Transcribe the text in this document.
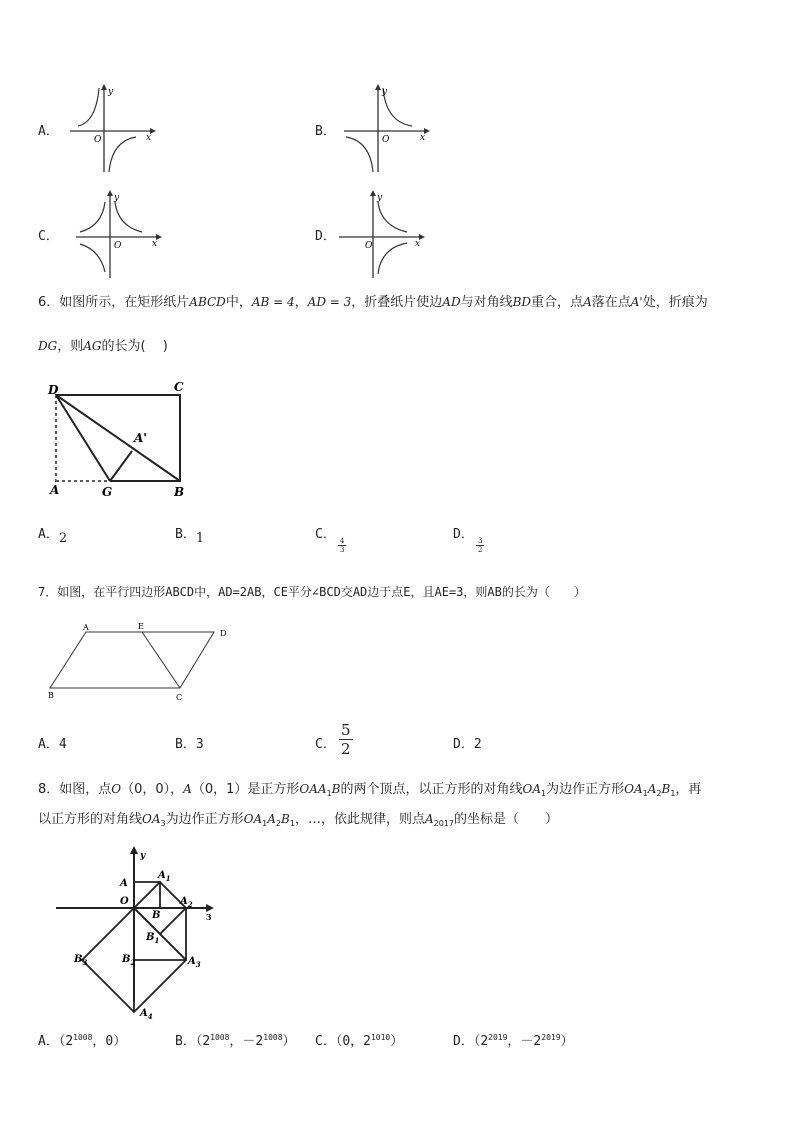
A．
y
x
O
B．
y
x
O
C．
y
x
O
D．
y
x
O
6．如图所示，在矩形纸片ABCD中，AB = 4，AD = 3，折叠纸片使边AD与对角线BD重合，点A落在点A'处，折痕为
DG，则AG的长为(　 )
D	C
A'
A	G	B
A．2	B．1	C．
$\frac{4}{3}$
D．
$\frac{3}{2}$
7．如图，在平行四边形ABCD中，AD=2AB，CE平分∠BCD交AD边于点E，且AE=3，则AB的长为（　　）
A	E
D
B	C
A．4	B．3	C． $\frac{5}{2}$	D．2
8．如图，点O（0，0），A（0，1）是正方形$OAA_1B$的两个顶点，以正方形的对角线$OA_1$为边作正方形$OA_1A_2B_1$，再
以正方形的对角线$OA_3$为边作正方形$OA_1A_2B_1$，…，依此规律，则点$A_{2017}$的坐标是（　　）
y
A
$A_1$
O
B
$A_2$
3
$B_1$
$B_3$	$B_2$	$A_3$
$A_4$
A．（$2^{1008}$，0）	B．（$2^{1008}$，$-2^{1008}$） C．（0，$2^{1010}$）	D．（$2^{2019}$，$-2^{2019}$）
